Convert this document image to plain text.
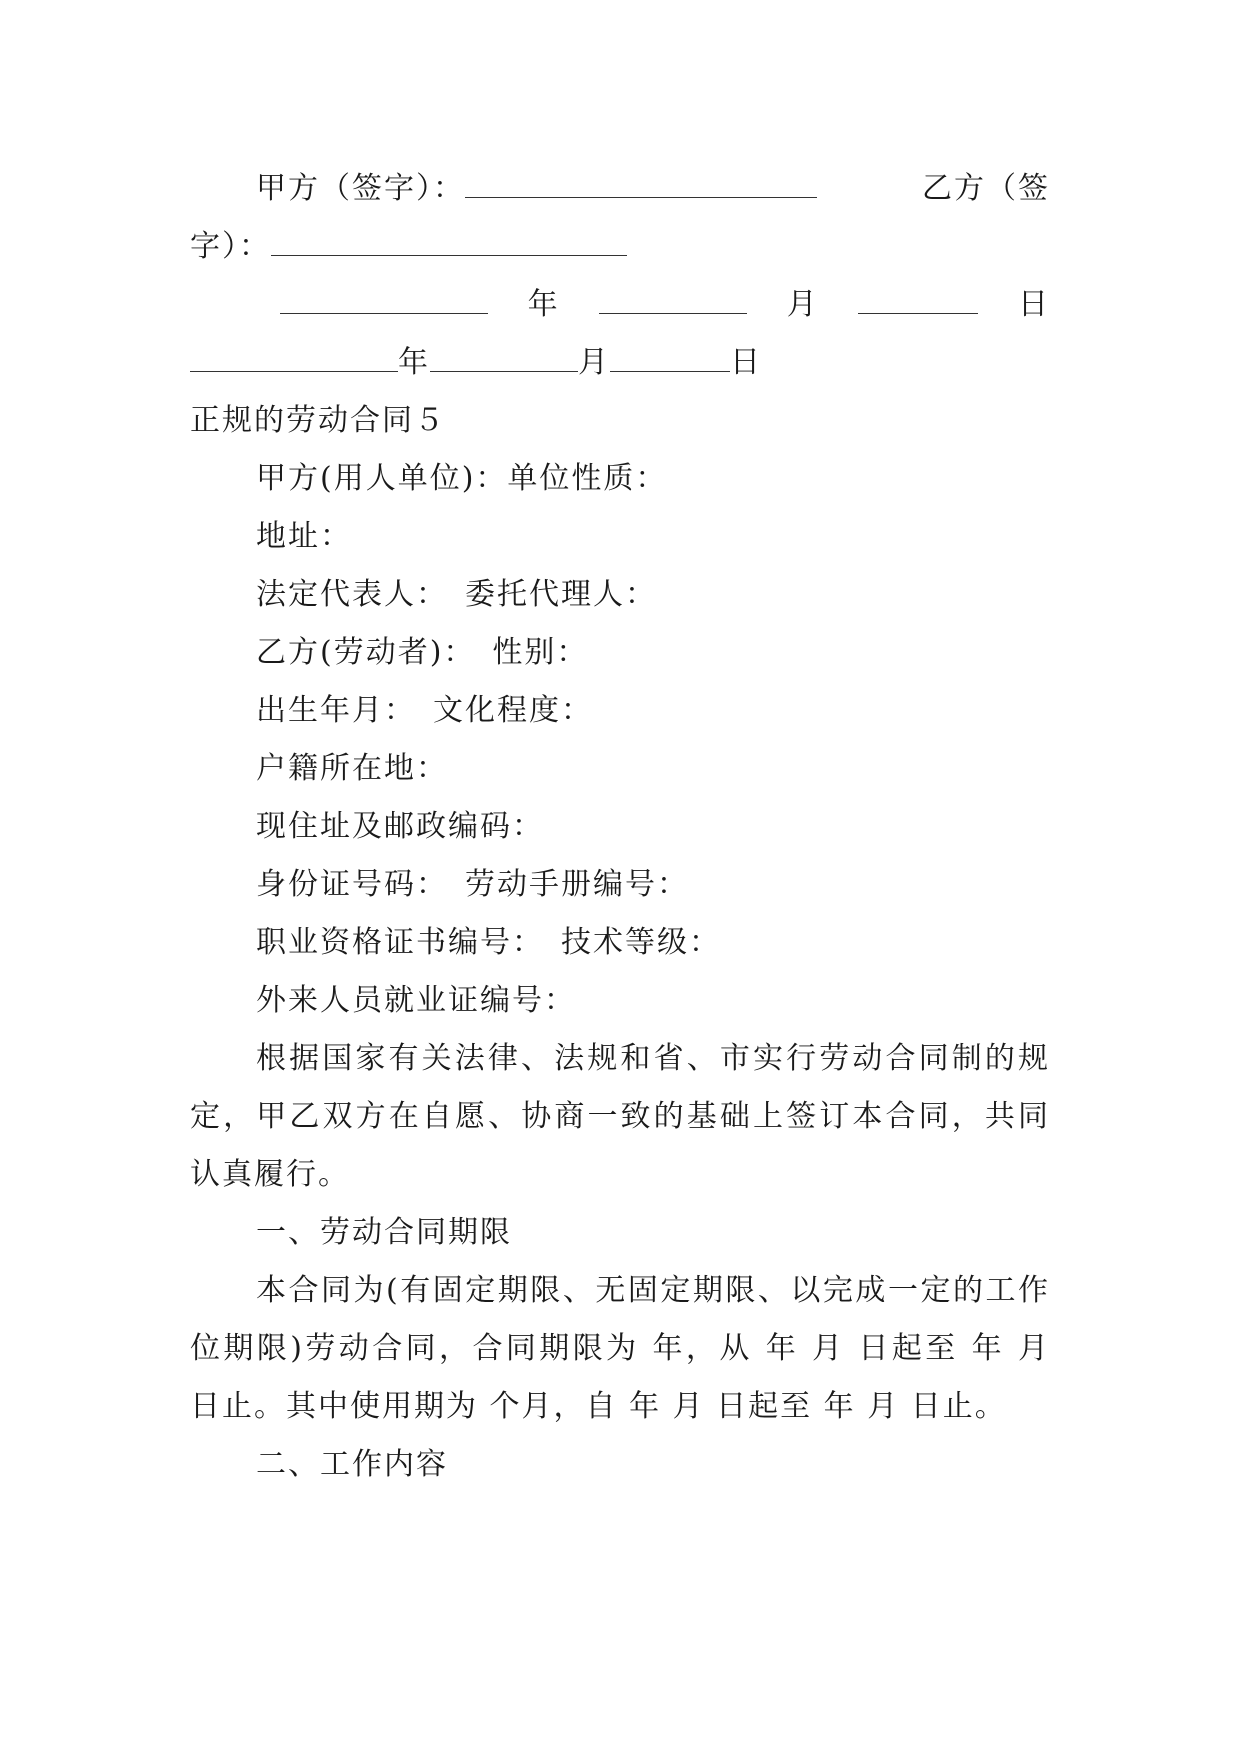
甲方（签字）：	乙方（签
字）：
年	月	日
年	月	日
正规的劳动合同５
甲方(用人单位)：单位性质：
地址：
法定代表人：　委托代理人：
乙方(劳动者)：　性别：
出生年月：　文化程度：
户籍所在地：
现住址及邮政编码：
身份证号码：　劳动手册编号：
职业资格证书编号：　技术等级：
外来人员就业证编号：
根据国家有关法律、法规和省、市实行劳动合同制的规定，甲乙双方在自愿、协商一致的基础上签订本合同，共同认真履行。
一、劳动合同期限
本合同为(有固定期限、无固定期限、以完成一定的工作位期限)劳动合同，合同期限为 年，从 年 月 日起至 年 月 日止。其中使用期为 个月，自 年 月 日起至 年 月 日止。
二、工作内容
